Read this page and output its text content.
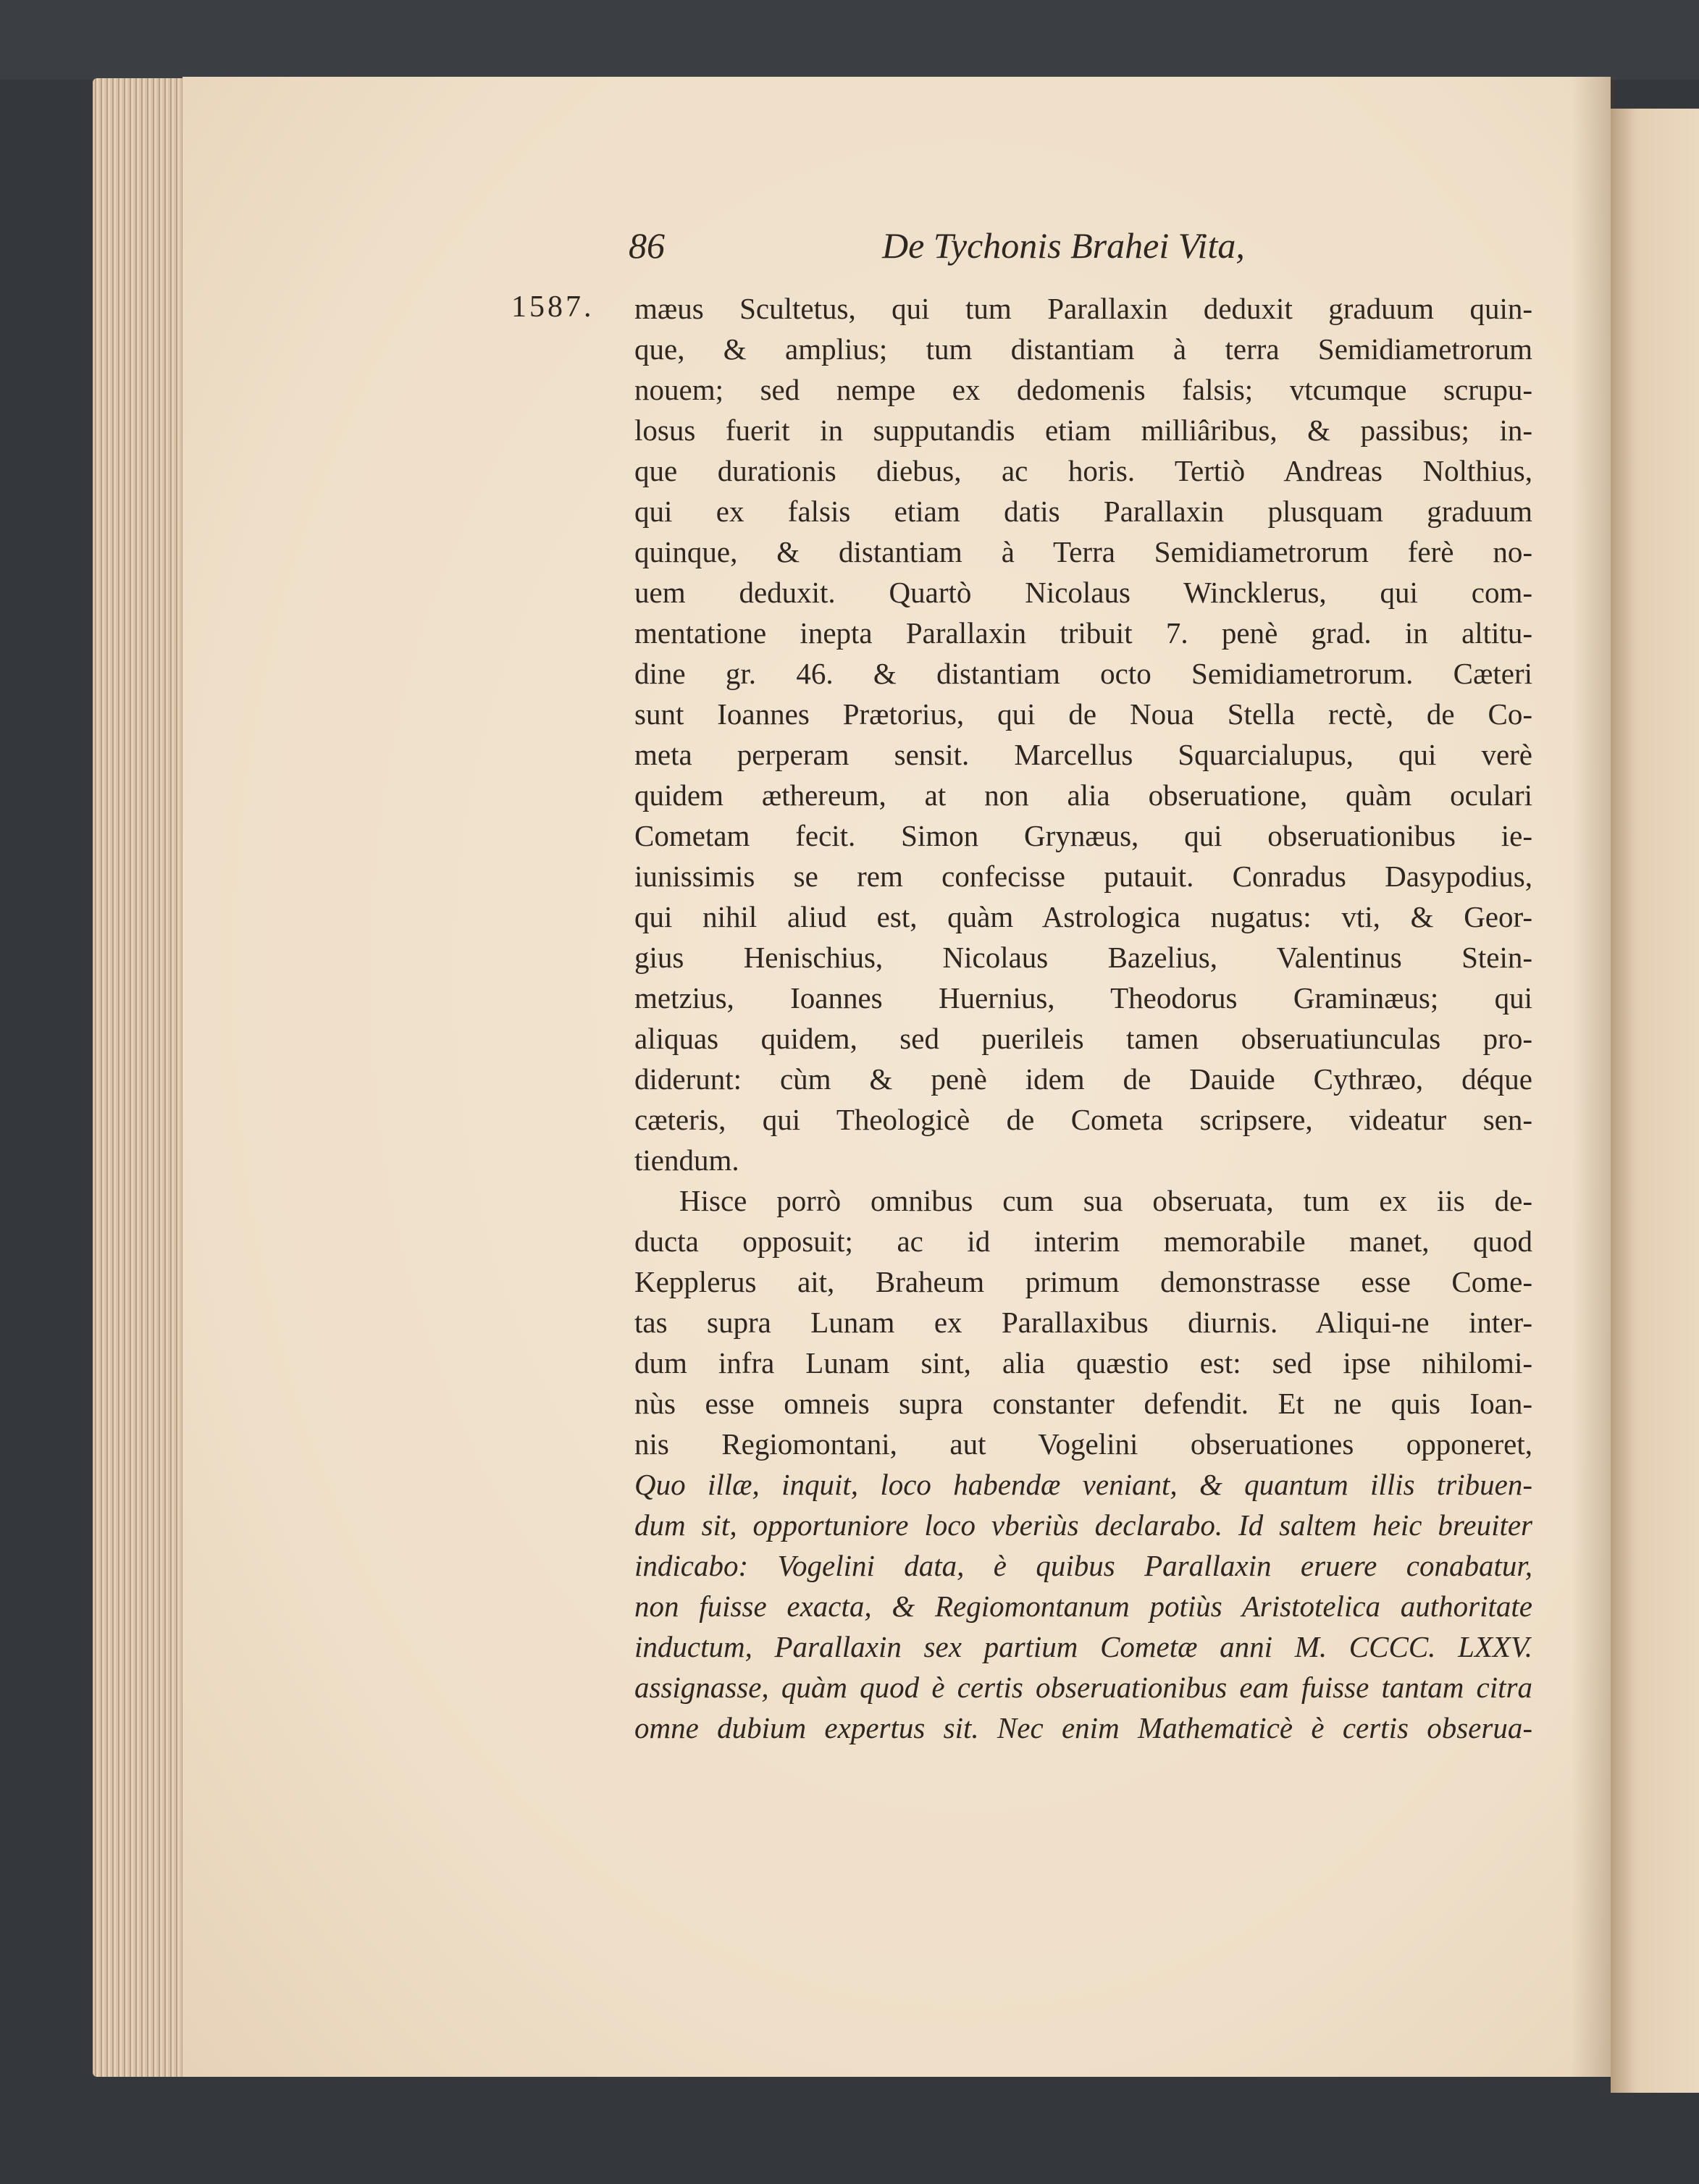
86	De Tychonis Brahei Vita,
1587. mæus Scultetus, qui tum Parallaxin deduxit graduum quin-
que, & amplius; tum distantiam à terra Semidiametrorum
nouem; sed nempe ex dedomenis falsis; vtcumque scrupu-
losus fuerit in supputandis etiam milliâribus, & passibus; in-
que durationis diebus, ac horis. Tertiò Andreas Nolthius,
qui ex falsis etiam datis Parallaxin plusquam graduum
quinque, & distantiam à Terra Semidiametrorum ferè no-
uem deduxit. Quartò Nicolaus Wincklerus, qui com-
mentatione inepta Parallaxin tribuit 7. penè grad. in altitu-
dine gr. 46. & distantiam octo Semidiametrorum. Cæteri
sunt Ioannes Prætorius, qui de Noua Stella rectè, de Co-
meta perperam sensit. Marcellus Squarcialupus, qui verè
quidem æthereum, at non alia obseruatione, quàm oculari
Cometam fecit. Simon Grynæus, qui obseruationibus ie-
iunissimis se rem confecisse putauit. Conradus Dasypodius,
qui nihil aliud est, quàm Astrologica nugatus: vti, & Geor-
gius Henischius, Nicolaus Bazelius, Valentinus Stein-
metzius, Ioannes Huernius, Theodorus Graminæus; qui
aliquas quidem, sed puerileis tamen obseruatiunculas pro-
diderunt: cùm & penè idem de Dauide Cythræo, déque
cæteris, qui Theologicè de Cometa scripsere, videatur sen-
tiendum.
Hisce porrò omnibus cum sua obseruata, tum ex iis de-
ducta opposuit; ac id interim memorabile manet, quod
Kepplerus ait, Braheum primum demonstrasse esse Come-
tas supra Lunam ex Parallaxibus diurnis. Aliqui-ne inter-
dum infra Lunam sint, alia quæstio est: sed ipse nihilomi-
nùs esse omneis supra constanter defendit. Et ne quis Ioan-
nis Regiomontani, aut Vogelini obseruationes opponeret,
Quo illæ, inquit, loco habendæ veniant, & quantum illis tribuen-
dum sit, opportuniore loco vberiùs declarabo. Id saltem heic breuiter
indicabo: Vogelini data, è quibus Parallaxin eruere conabatur,
non fuisse exacta, & Regiomontanum potiùs Aristotelica authoritate
inductum, Parallaxin sex partium Cometæ anni M. CCCC. LXXV.
assignasse, quàm quod è certis obseruationibus eam fuisse tantam citra
omne dubium expertus sit. Nec enim Mathematicè è certis obserua-
